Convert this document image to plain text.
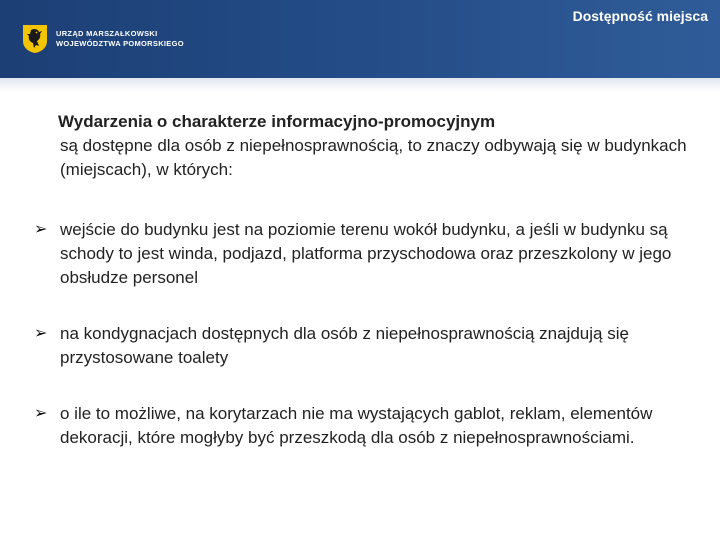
URZĄD MARSZAŁKOWSKI
WOJEWÓDZTWA POMORSKIEGO
Dostępność miejsca
Wydarzenia o charakterze informacyjno-promocyjnym
są dostępne dla osób z niepełnosprawnością, to znaczy odbywają się w budynkach (miejscach), w których:
➢ wejście do budynku jest na poziomie terenu wokół budynku, a jeśli w budynku są schody to jest winda, podjazd, platforma przyschodowa oraz przeszkolony w jego obsłudze personel
➢ na kondygnacjach dostępnych dla osób z niepełnosprawnością znajdują się przystosowane toalety
➢ o ile to możliwe, na korytarzach nie ma wystających gablot, reklam, elementów dekoracji, które mogłyby być przeszkodą dla osób z niepełnosprawnościami.
